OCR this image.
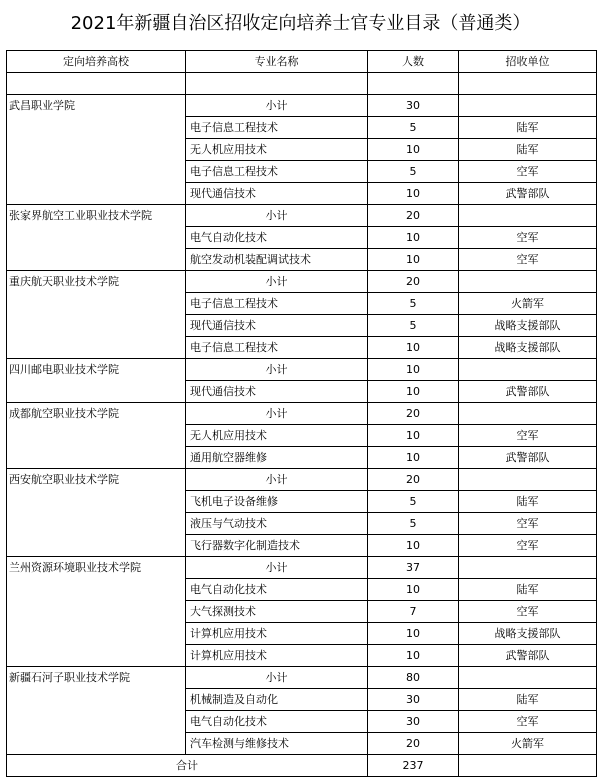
2021年新疆自治区招收定向培养士官专业目录（普通类）
定向培养高校	专业名称	人数	招收单位

武昌职业学院	小计	30	
	电子信息工程技术	5	陆军
	无人机应用技术	10	陆军
	电子信息工程技术	5	空军
	现代通信技术	10	武警部队
张家界航空工业职业技术学院	小计	20	
	电气自动化技术	10	空军
	航空发动机装配调试技术	10	空军
重庆航天职业技术学院	小计	20	
	电子信息工程技术	5	火箭军
	现代通信技术	5	战略支援部队
	电子信息工程技术	10	战略支援部队
四川邮电职业技术学院	小计	10	
	现代通信技术	10	武警部队
成都航空职业技术学院	小计	20	
	无人机应用技术	10	空军
	通用航空器维修	10	武警部队
西安航空职业技术学院	小计	20	
	飞机电子设备维修	5	陆军
	液压与气动技术	5	空军
	飞行器数字化制造技术	10	空军
兰州资源环境职业技术学院	小计	37	
	电气自动化技术	10	陆军
	大气探测技术	7	空军
	计算机应用技术	10	战略支援部队
	计算机应用技术	10	武警部队
新疆石河子职业技术学院	小计	80	
	机械制造及自动化	30	陆军
	电气自动化技术	30	空军
	汽车检测与维修技术	20	火箭军
合计		237	
